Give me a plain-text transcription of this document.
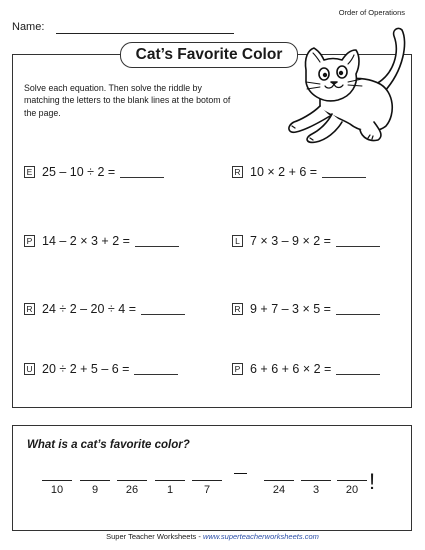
Order of Operations
Name:
Cat’s Favorite Color
Solve each equation. Then solve the riddle by matching the letters to the blank lines at the botom of the page.
E 25 – 10 ÷ 2 =
P 14 – 2 × 3 + 2 =
R 24 ÷ 2 – 20 ÷ 4 =
U 20 ÷ 2 + 5 – 6 =
R 10 × 2 + 6 =
L 7 × 3 – 9 × 2 =
R 9 + 7 – 3 × 5 =
P 6 + 6 + 6 × 2 =
What is a cat’s favorite color?
10	9	26	1	7	24	3	20 !
Super Teacher Worksheets - www.superteacherworksheets.com
